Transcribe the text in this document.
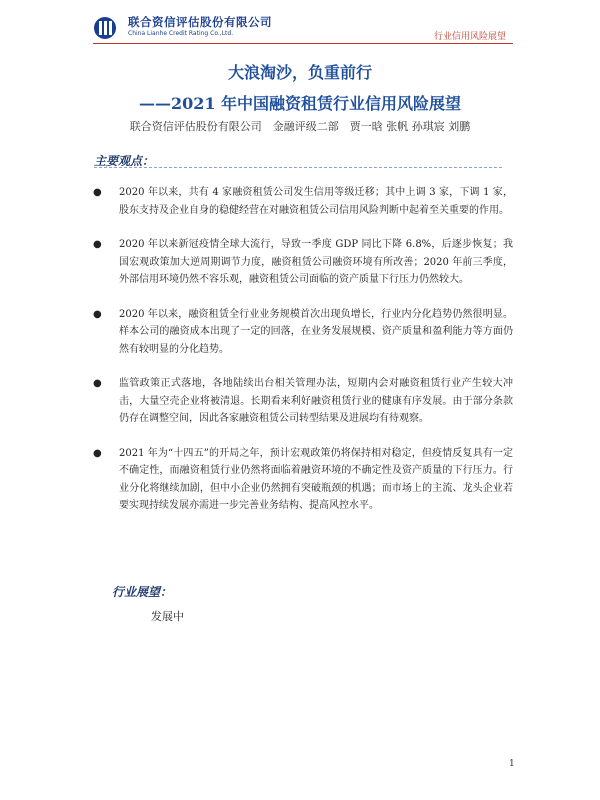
联合资信评估股份有限公司
China Lianhe Credit Rating Co.,Ltd.	行业信用风险展望
大浪淘沙，负重前行
——2021 年中国融资租赁行业信用风险展望
联合资信评估股份有限公司　金融评级二部　贾一晗 张帆 孙琪宸 刘鹏
主要观点：
● 2020 年以来，共有 4 家融资租赁公司发生信用等级迁移；其中上调 3 家，下调 1 家，股东支持及企业自身的稳健经营在对融资租赁公司信用风险判断中起着至关重要的作用。
● 2020 年以来新冠疫情全球大流行，导致一季度 GDP 同比下降 6.8%，后逐步恢复；我国宏观政策加大逆周期调节力度，融资租赁公司融资环境有所改善；2020 年前三季度，外部信用环境仍然不容乐观，融资租赁公司面临的资产质量下行压力仍然较大。
● 2020 年以来，融资租赁全行业业务规模首次出现负增长，行业内分化趋势仍然很明显。样本公司的融资成本出现了一定的回落，在业务发展规模、资产质量和盈利能力等方面仍然有较明显的分化趋势。
● 监管政策正式落地，各地陆续出台相关管理办法，短期内会对融资租赁行业产生较大冲击，大量空壳企业将被清退。长期看来利好融资租赁行业的健康有序发展。由于部分条款仍存在调整空间，因此各家融资租赁公司转型结果及进展均有待观察。
● 2021 年为“十四五”的开局之年，预计宏观政策仍将保持相对稳定，但疫情反复具有一定不确定性，而融资租赁行业仍然将面临着融资环境的不确定性及资产质量的下行压力。行业分化将继续加剧，但中小企业仍然拥有突破瓶颈的机遇；而市场上的主流、龙头企业若要实现持续发展亦需进一步完善业务结构、提高风控水平。
行业展望：
发展中
1
